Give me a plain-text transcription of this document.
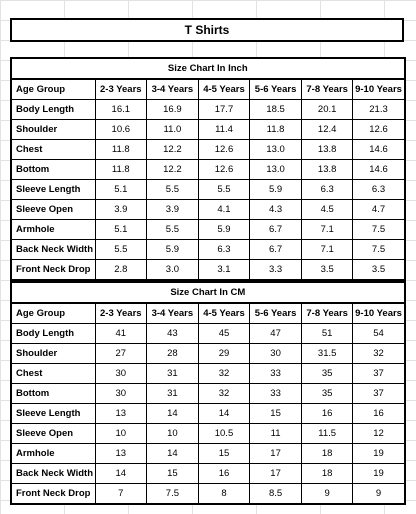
T Shirts
Size Chart In Inch						
Age Group	2-3 Years	3-4 Years	4-5 Years	5-6 Years	7-8 Years	9-10 Years
Body Length	16.1	16.9	17.7	18.5	20.1	21.3
Shoulder	10.6	11.0	11.4	11.8	12.4	12.6
Chest	11.8	12.2	12.6	13.0	13.8	14.6
Bottom	11.8	12.2	12.6	13.0	13.8	14.6
Sleeve Length	5.1	5.5	5.5	5.9	6.3	6.3
Sleeve Open	3.9	3.9	4.1	4.3	4.5	4.7
Armhole	5.1	5.5	5.9	6.7	7.1	7.5
Back Neck Width	5.5	5.9	6.3	6.7	7.1	7.5
Front Neck Drop	2.8	3.0	3.1	3.3	3.5	3.5
Size Chart In CM						
Age Group	2-3 Years	3-4 Years	4-5 Years	5-6 Years	7-8 Years	9-10 Years
Body Length	41	43	45	47	51	54
Shoulder	27	28	29	30	31.5	32
Chest	30	31	32	33	35	37
Bottom	30	31	32	33	35	37
Sleeve Length	13	14	14	15	16	16
Sleeve Open	10	10	10.5	11	11.5	12
Armhole	13	14	15	17	18	19
Back Neck Width	14	15	16	17	18	19
Front Neck Drop	7	7.5	8	8.5	9	9
